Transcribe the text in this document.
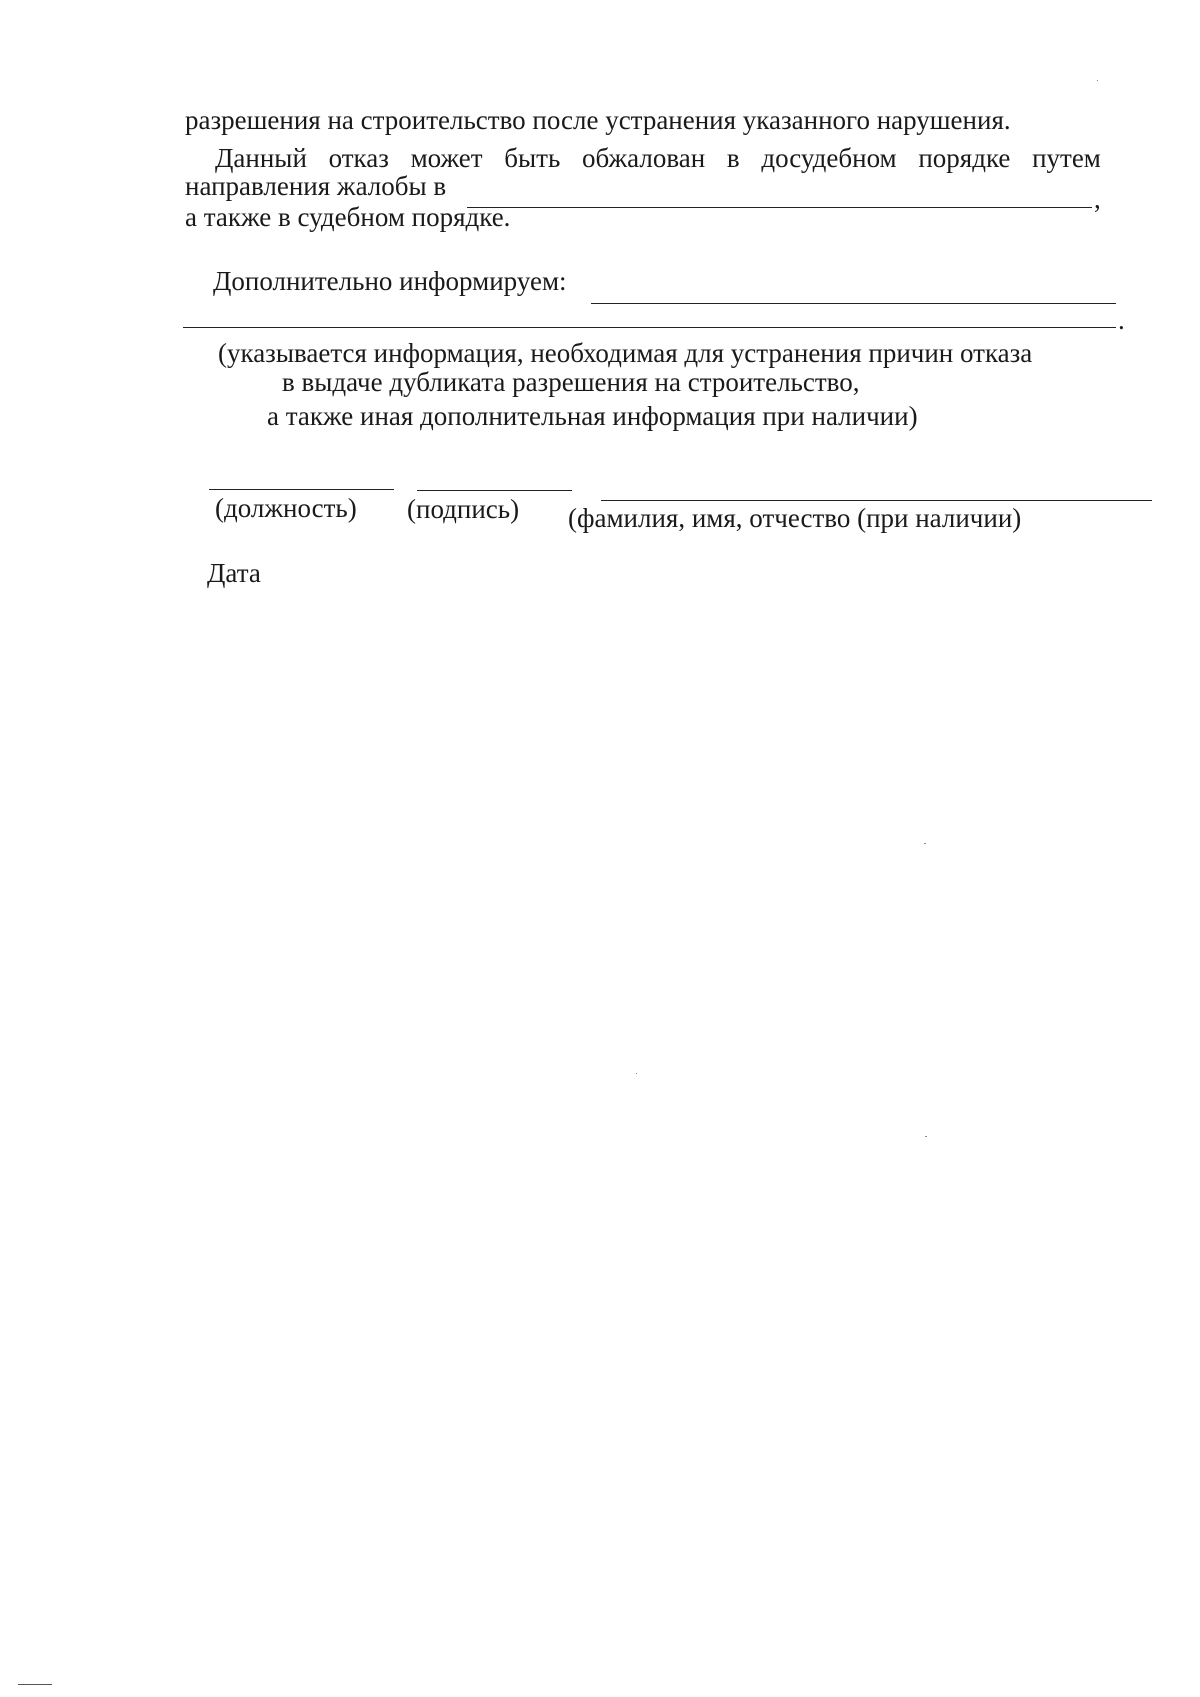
разрешения на строительство после устранения указанного нарушения.
Данный отказ может быть обжалован в досудебном порядке путем
направления жалобы в	,
а также в судебном порядке.
Дополнительно информируем:
.
(указывается информация, необходимая для устранения причин отказа
в выдаче дубликата разрешения на строительство,
а также иная дополнительная информация при наличии)
(должность) (подпись) (фамилия, имя, отчество (при наличии)
Дата
